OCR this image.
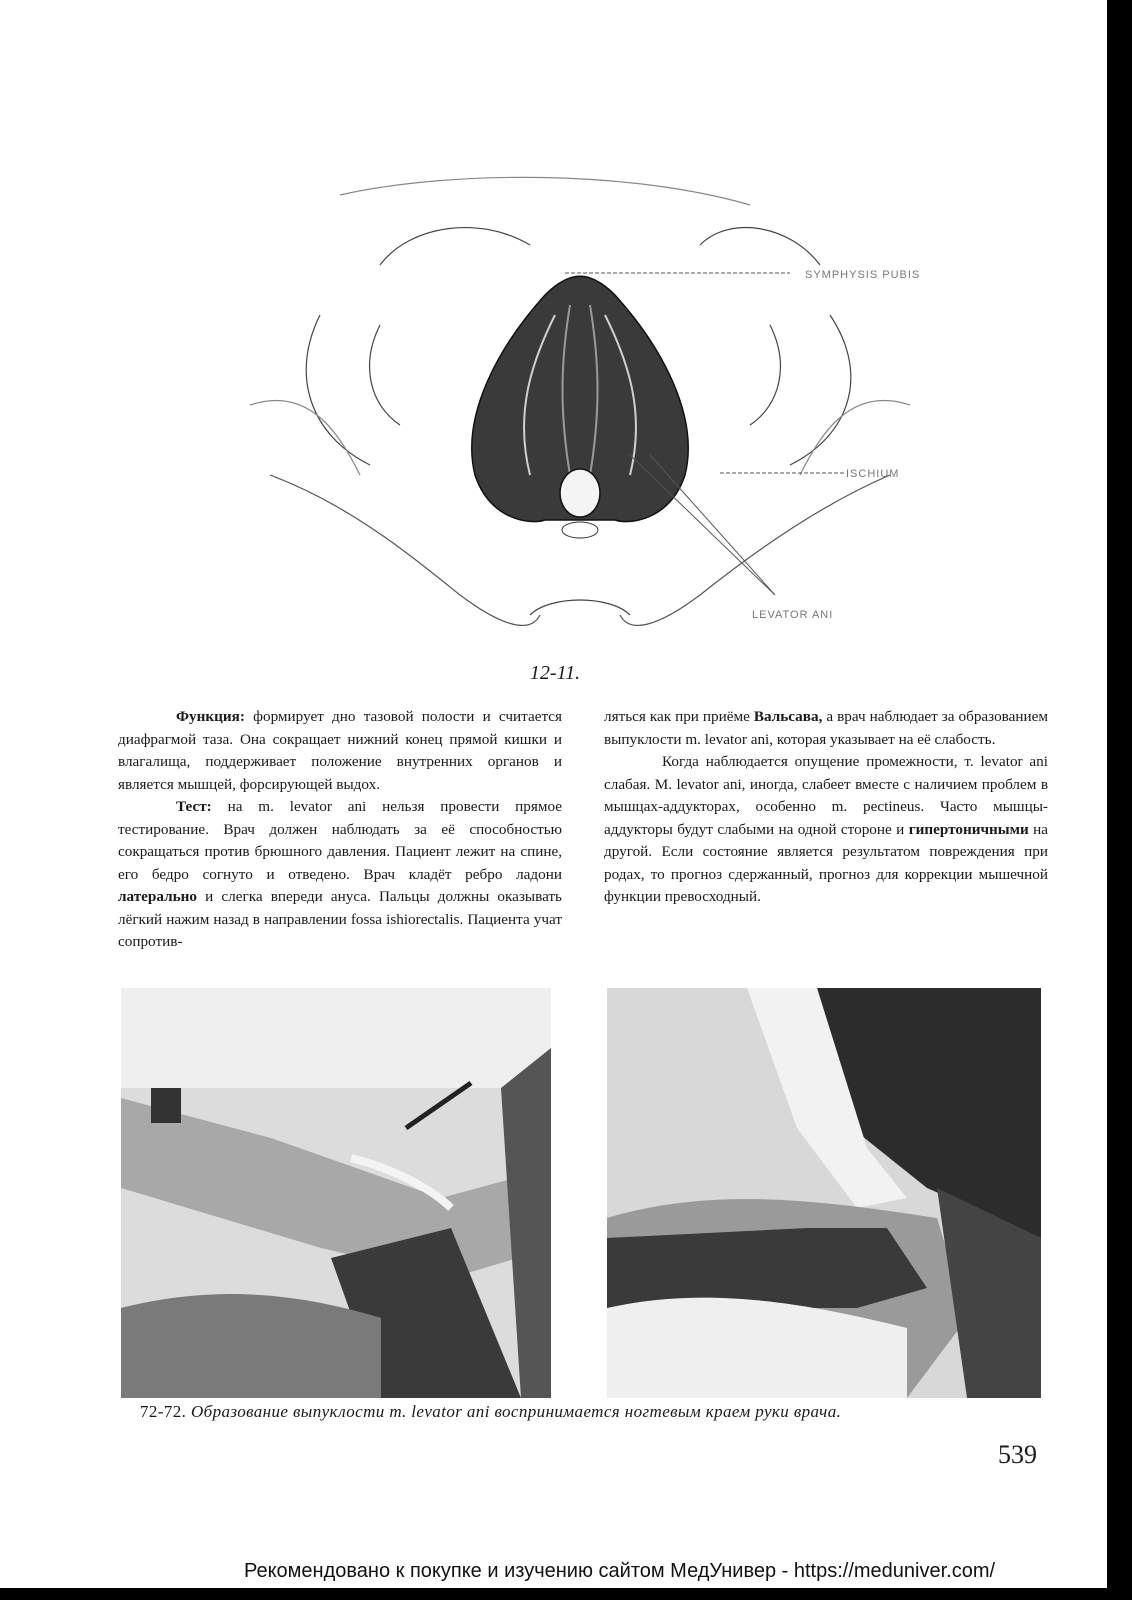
SYMPHYSIS PUBIS
ISCHIUM
LEVATOR ANI
12-11.

Функция: формирует дно тазовой полости и считается диафрагмой таза. Она сокращает нижний конец прямой кишки и влагалища, поддерживает положение внутренних органов и является мышцей, форсирующей выдох.

Тест: на m. levator ani нельзя провести прямое тестирование. Врач должен наблюдать за её способностью сокращаться против брюшного давления. Пациент лежит на спине, его бедро согнуто и отведено. Врач кладёт ребро ладони латерально и слегка впереди ануса. Пальцы должны оказывать лёгкий нажим назад в направлении fossa ishiorectalis. Пациента учат сопротив-

ляться как при приёме Вальсава, а врач наблюдает за образованием выпуклости m. levator ani, которая указывает на её слабость.

Когда наблюдается опущение промежности, т. levator ani слабая. M. levator ani, иногда, слабеет вместе с наличием проблем в мышцах-аддукторах, особенно m. pectineus. Часто мышцы-аддукторы будут слабыми на одной стороне и гипертоничными на другой. Если состояние является результатом повреждения при родах, то прогноз сдержанный, прогноз для коррекции мышечной функции превосходный.

72-72. Образование выпуклости m. levator ani воспринимается ногтевым краем руки врача.
539
Рекомендовано к покупке и изучению сайтом МедУнивер - https://meduniver.com/
